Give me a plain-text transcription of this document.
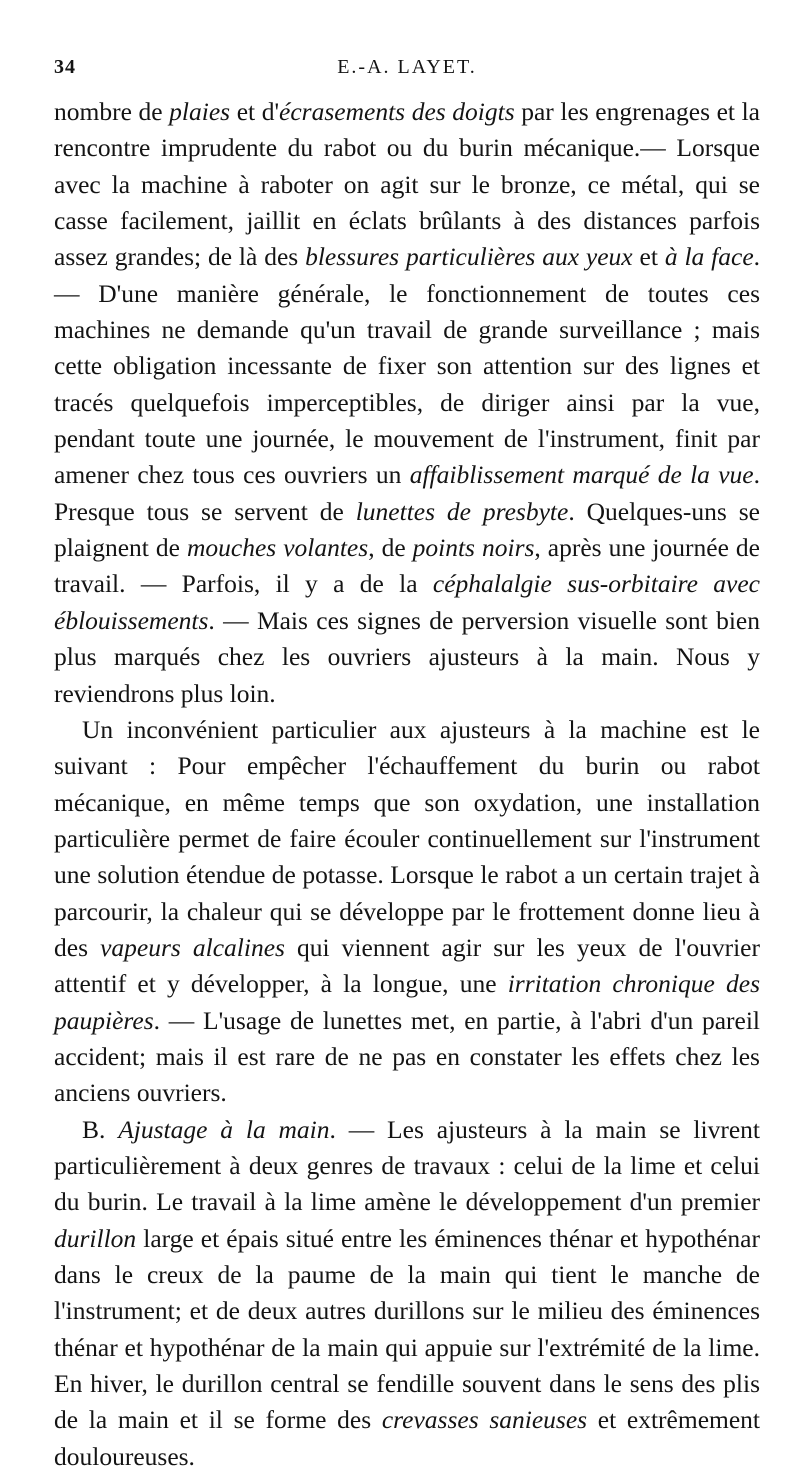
34	E.-A. LAYET.

nombre de plaies et d'écrasements des doigts par les engrenages et la rencontre imprudente du rabot ou du burin mécanique.— Lorsque avec la machine à raboter on agit sur le bronze, ce métal, qui se casse facilement, jaillit en éclats brûlants à des distances parfois assez grandes; de là des blessures particulières aux yeux et à la face. — D'une manière générale, le fonctionnement de toutes ces machines ne demande qu'un travail de grande surveillance ; mais cette obligation incessante de fixer son attention sur des lignes et tracés quelquefois imperceptibles, de diriger ainsi par la vue, pendant toute une journée, le mouvement de l'instrument, finit par amener chez tous ces ouvriers un affaiblissement marqué de la vue. Presque tous se servent de lunettes de presbyte. Quelques-uns se plaignent de mouches volantes, de points noirs, après une journée de travail. — Parfois, il y a de la céphalalgie sus-orbitaire avec éblouissements. — Mais ces signes de perversion visuelle sont bien plus marqués chez les ouvriers ajusteurs à la main. Nous y reviendrons plus loin.

Un inconvénient particulier aux ajusteurs à la machine est le suivant : Pour empêcher l'échauffement du burin ou rabot mécanique, en même temps que son oxydation, une installation particulière permet de faire écouler continuellement sur l'instrument une solution étendue de potasse. Lorsque le rabot a un certain trajet à parcourir, la chaleur qui se développe par le frottement donne lieu à des vapeurs alcalines qui viennent agir sur les yeux de l'ouvrier attentif et y développer, à la longue, une irritation chronique des paupières. — L'usage de lunettes met, en partie, à l'abri d'un pareil accident; mais il est rare de ne pas en constater les effets chez les anciens ouvriers.

B. Ajustage à la main. — Les ajusteurs à la main se livrent particulièrement à deux genres de travaux : celui de la lime et celui du burin. Le travail à la lime amène le développement d'un premier durillon large et épais situé entre les éminences thénar et hypothénar dans le creux de la paume de la main qui tient le manche de l'instrument; et de deux autres durillons sur le milieu des éminences thénar et hypothénar de la main qui appuie sur l'extrémité de la lime. En hiver, le durillon central se fendille souvent dans le sens des plis de la main et il se forme des crevasses sanieuses et extrêmement douloureuses.
